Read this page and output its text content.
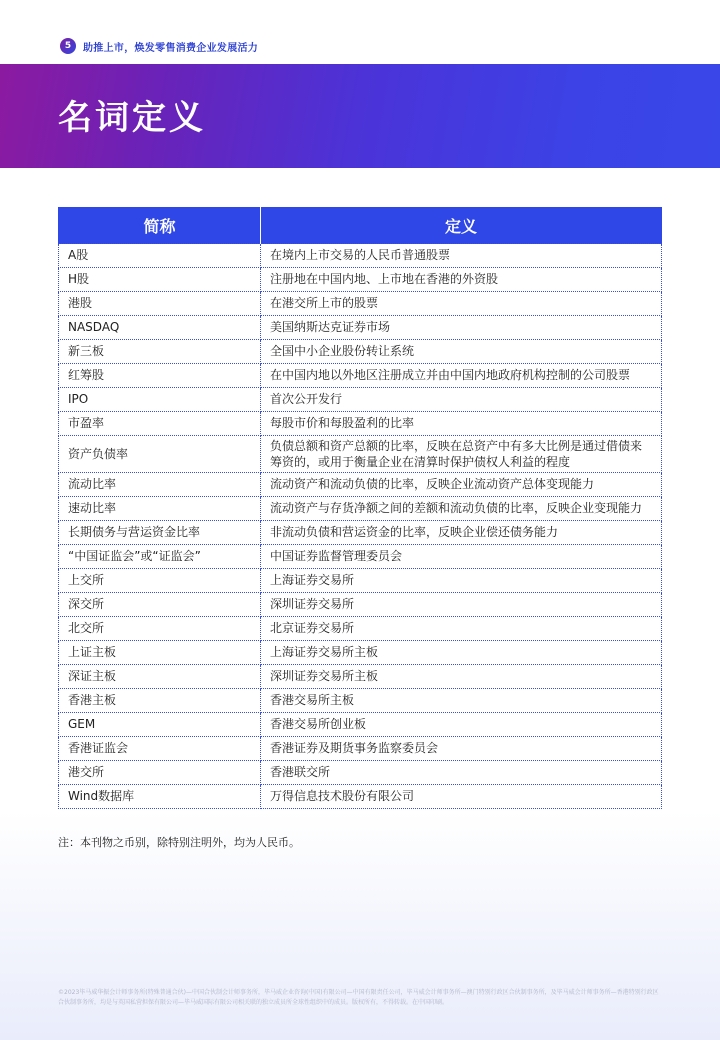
5	助推上市，焕发零售消费企业发展活力
名词定义
简称	定义
A股	在境内上市交易的人民币普通股票
H股	注册地在中国内地、上市地在香港的外资股
港股	在港交所上市的股票
NASDAQ	美国纳斯达克证券市场
新三板	全国中小企业股份转让系统
红筹股	在中国内地以外地区注册成立并由中国内地政府机构控制的公司股票
IPO	首次公开发行
市盈率	每股市价和每股盈利的比率
资产负债率	负债总额和资产总额的比率，反映在总资产中有多大比例是通过借债来筹资的，或用于衡量企业在清算时保护债权人利益的程度
流动比率	流动资产和流动负债的比率，反映企业流动资产总体变现能力
速动比率	流动资产与存货净额之间的差额和流动负债的比率，反映企业变现能力
长期债务与营运资金比率	非流动负债和营运资金的比率，反映企业偿还债务能力
“中国证监会”或“证监会”	中国证券监督管理委员会
上交所	上海证券交易所
深交所	深圳证券交易所
北交所	北京证券交易所
上证主板	上海证券交易所主板
深证主板	深圳证券交易所主板
香港主板	香港交易所主板
GEM	香港交易所创业板
香港证监会	香港证券及期货事务监察委员会
港交所	香港联交所
Wind数据库	万得信息技术股份有限公司

注：本刊物之币别，除特别注明外，均为人民币。

©2023毕马威华振会计师事务所(特殊普通合伙)—中国合伙制会计师事务所，毕马威企业咨询(中国)有限公司—中国有限责任公司，毕马威会计师事务所—澳门特别行政区合伙制事务所，及毕马威会计师事务所—香港特别行政区合伙制事务所，均是与英国私营担保有限公司—毕马威国际有限公司相关联的独立成员所全球性组织中的成员。版权所有，不得转载。在中国印刷。
